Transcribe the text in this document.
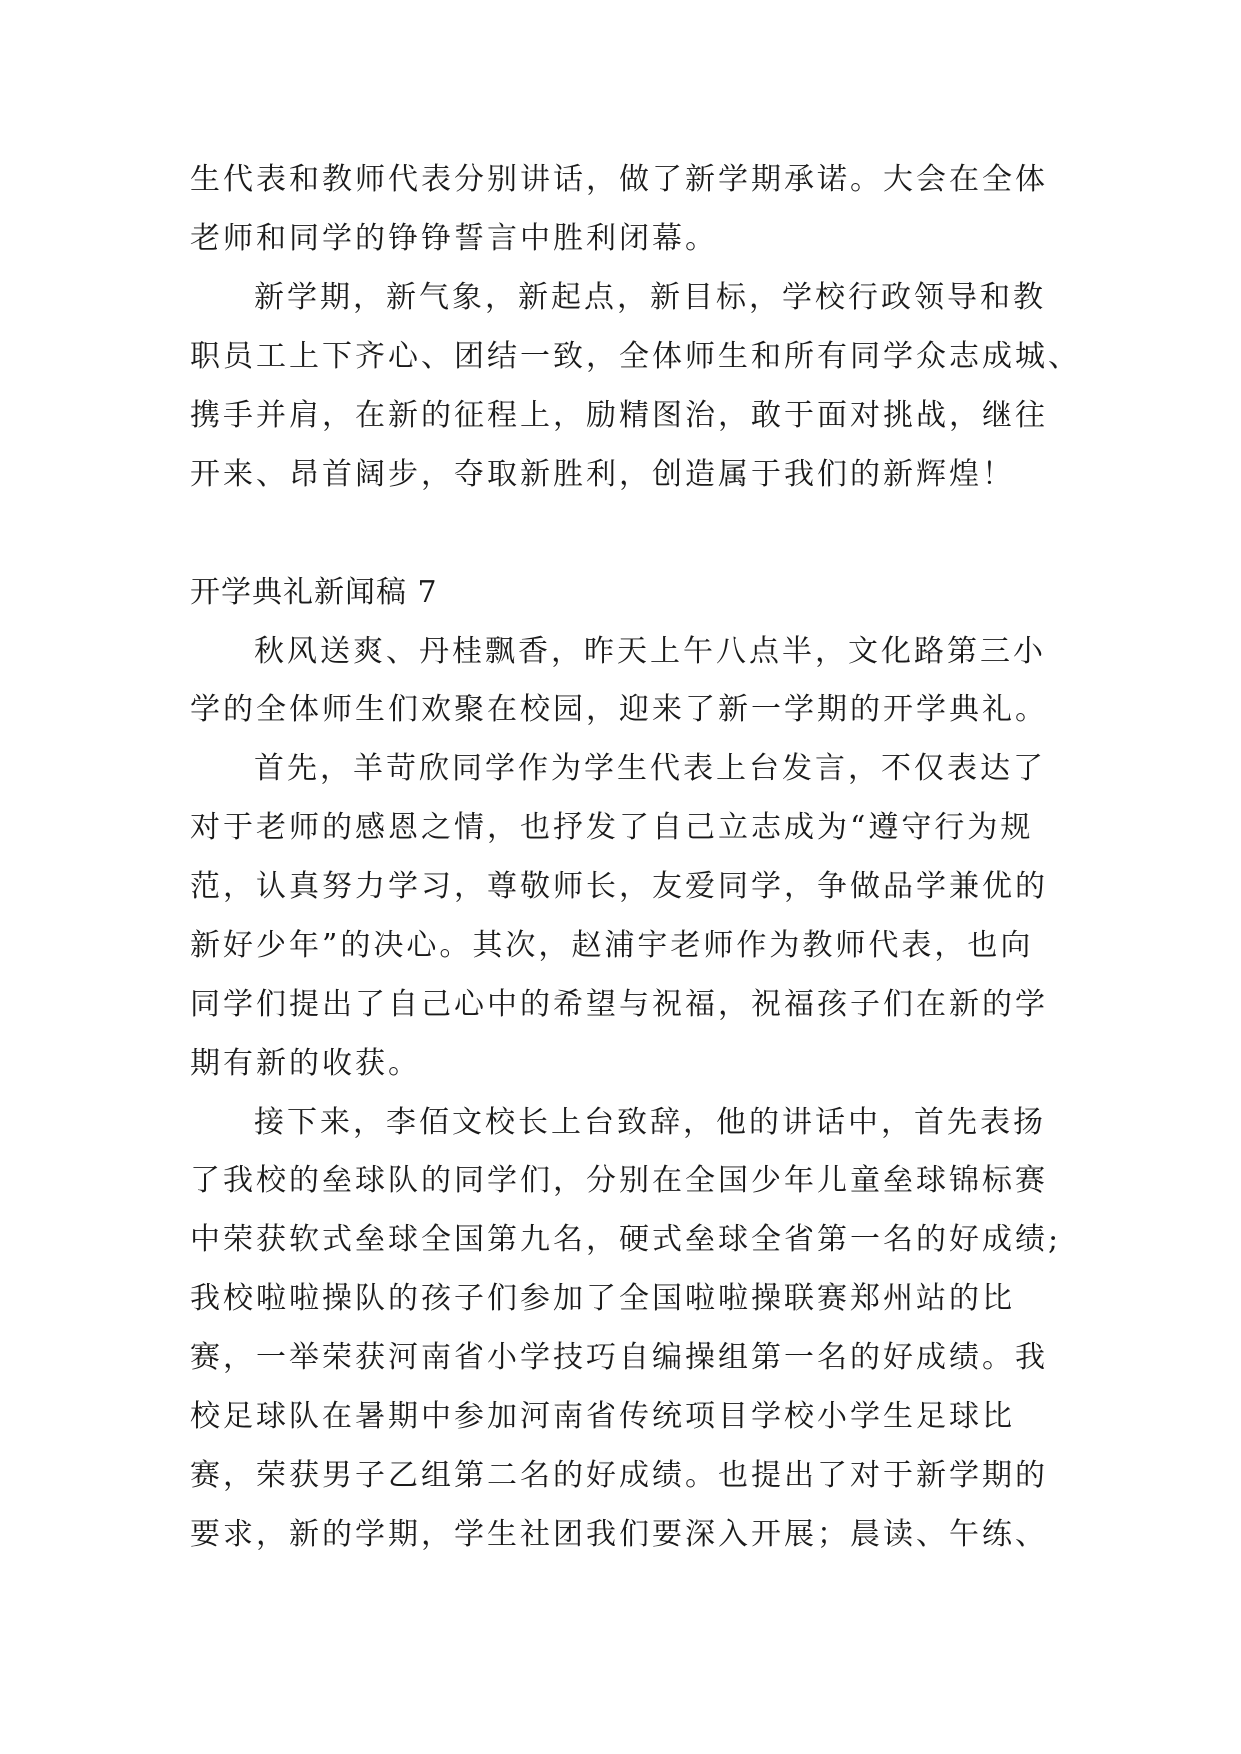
生代表和教师代表分别讲话，做了新学期承诺。大会在全体
老师和同学的铮铮誓言中胜利闭幕。
新学期，新气象，新起点，新目标，学校行政领导和教
职员工上下齐心、团结一致，全体师生和所有同学众志成城、
携手并肩，在新的征程上，励精图治，敢于面对挑战，继往
开来、昂首阔步，夺取新胜利，创造属于我们的新辉煌！
开学典礼新闻稿 7
秋风送爽、丹桂飘香，昨天上午八点半，文化路第三小
学的全体师生们欢聚在校园，迎来了新一学期的开学典礼。
首先，羊苛欣同学作为学生代表上台发言，不仅表达了
对于老师的感恩之情，也抒发了自己立志成为“遵守行为规
范，认真努力学习，尊敬师长，友爱同学，争做品学兼优的
新好少年”的决心。其次，赵浦宇老师作为教师代表，也向
同学们提出了自己心中的希望与祝福，祝福孩子们在新的学
期有新的收获。
接下来，李佰文校长上台致辞，他的讲话中，首先表扬
了我校的垒球队的同学们，分别在全国少年儿童垒球锦标赛
中荣获软式垒球全国第九名，硬式垒球全省第一名的好成绩;
我校啦啦操队的孩子们参加了全国啦啦操联赛郑州站的比
赛，一举荣获河南省小学技巧自编操组第一名的好成绩。我
校足球队在暑期中参加河南省传统项目学校小学生足球比
赛，荣获男子乙组第二名的好成绩。也提出了对于新学期的
要求，新的学期，学生社团我们要深入开展；晨读、午练、
